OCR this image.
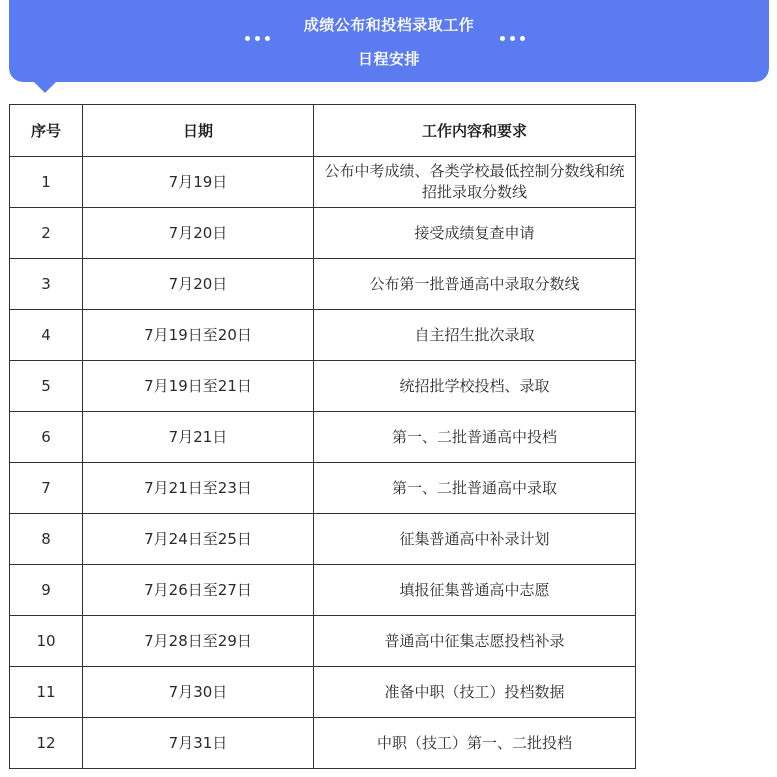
成绩公布和投档录取工作
日程安排
序号	日期	工作内容和要求
1	7月19日	公布中考成绩、各类学校最低控制分数线和统招批录取分数线
2	7月20日	接受成绩复查申请
3	7月20日	公布第一批普通高中录取分数线
4	7月19日至20日	自主招生批次录取
5	7月19日至21日	统招批学校投档、录取
6	7月21日	第一、二批普通高中投档
7	7月21日至23日	第一、二批普通高中录取
8	7月24日至25日	征集普通高中补录计划
9	7月26日至27日	填报征集普通高中志愿
10	7月28日至29日	普通高中征集志愿投档补录
11	7月30日	准备中职（技工）投档数据
12	7月31日	中职（技工）第一、二批投档
